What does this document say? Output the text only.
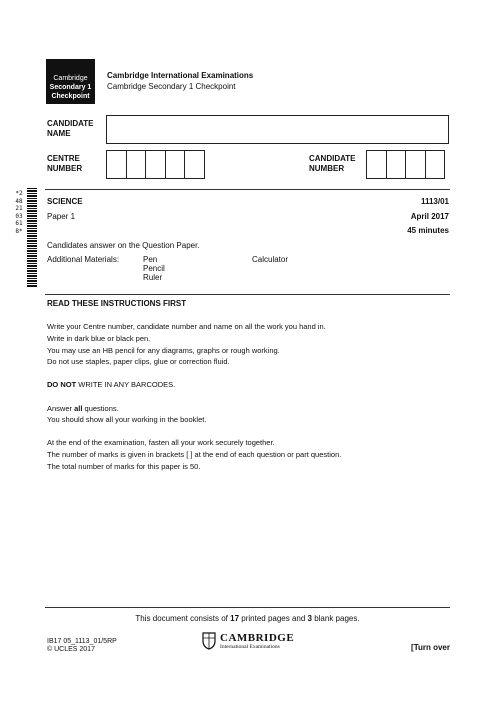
Cambridge
Secondary 1
Checkpoint
Cambridge International Examinations
Cambridge Secondary 1 Checkpoint
CANDIDATE NAME
CENTRE NUMBER
CANDIDATE NUMBER
*2482103618*
SCIENCE	1113/01
Paper 1	April 2017
45 minutes
Candidates answer on the Question Paper.
Additional Materials:	Pen
Pencil
Ruler
Calculator
READ THESE INSTRUCTIONS FIRST
Write your Centre number, candidate number and name on all the work you hand in.
Write in dark blue or black pen.
You may use an HB pencil for any diagrams, graphs or rough working.
Do not use staples, paper clips, glue or correction fluid.
DO NOT WRITE IN ANY BARCODES.
Answer all questions.
You should show all your working in the booklet.
At the end of the examination, fasten all your work securely together.
The number of marks is given in brackets [ ] at the end of each question or part question.
The total number of marks for this paper is 50.
This document consists of 17 printed pages and 3 blank pages.
IB17 05_1113_01/5RP
© UCLES 2017
CAMBRIDGE
International Examinations	[Turn over
